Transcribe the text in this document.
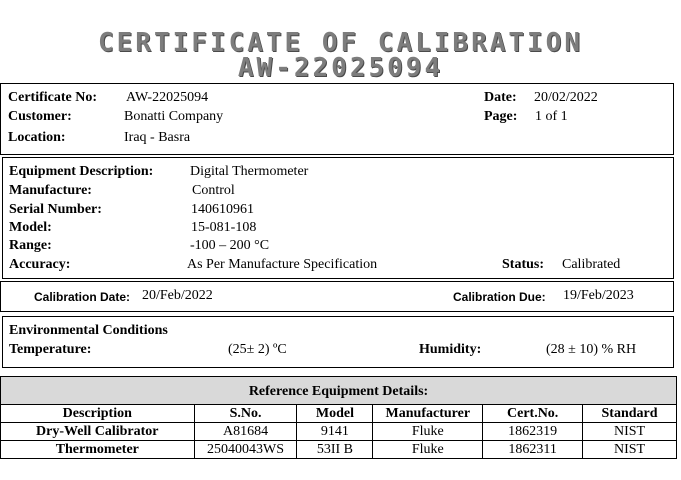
CERTIFICATE OF CALIBRATION
AW-22025094
Certificate No: AW-22025094
Customer:	Bonatti Company
Location:	Iraq - Basra
Date: 20/02/2022
Page: 1 of 1
Equipment Description:	Digital Thermometer
Manufacture:	Control
Serial Number:	140610961
Model:	15-081-108
Range:	-100 – 200 °C
Accuracy:	As Per Manufacture Specification	Status: Calibrated
Calibration Date: 20/Feb/2022	Calibration Due: 19/Feb/2023
Environmental Conditions
Temperature:	(25± 2) ºC	Humidity:	(28 ± 10) % RH
Reference Equipment Details:
Description	S.No.	Model	Manufacturer	Cert.No.	Standard
Dry-Well Calibrator	A81684	9141	Fluke	1862319	NIST
Thermometer	25040043WS	53II B	Fluke	1862311	NIST
